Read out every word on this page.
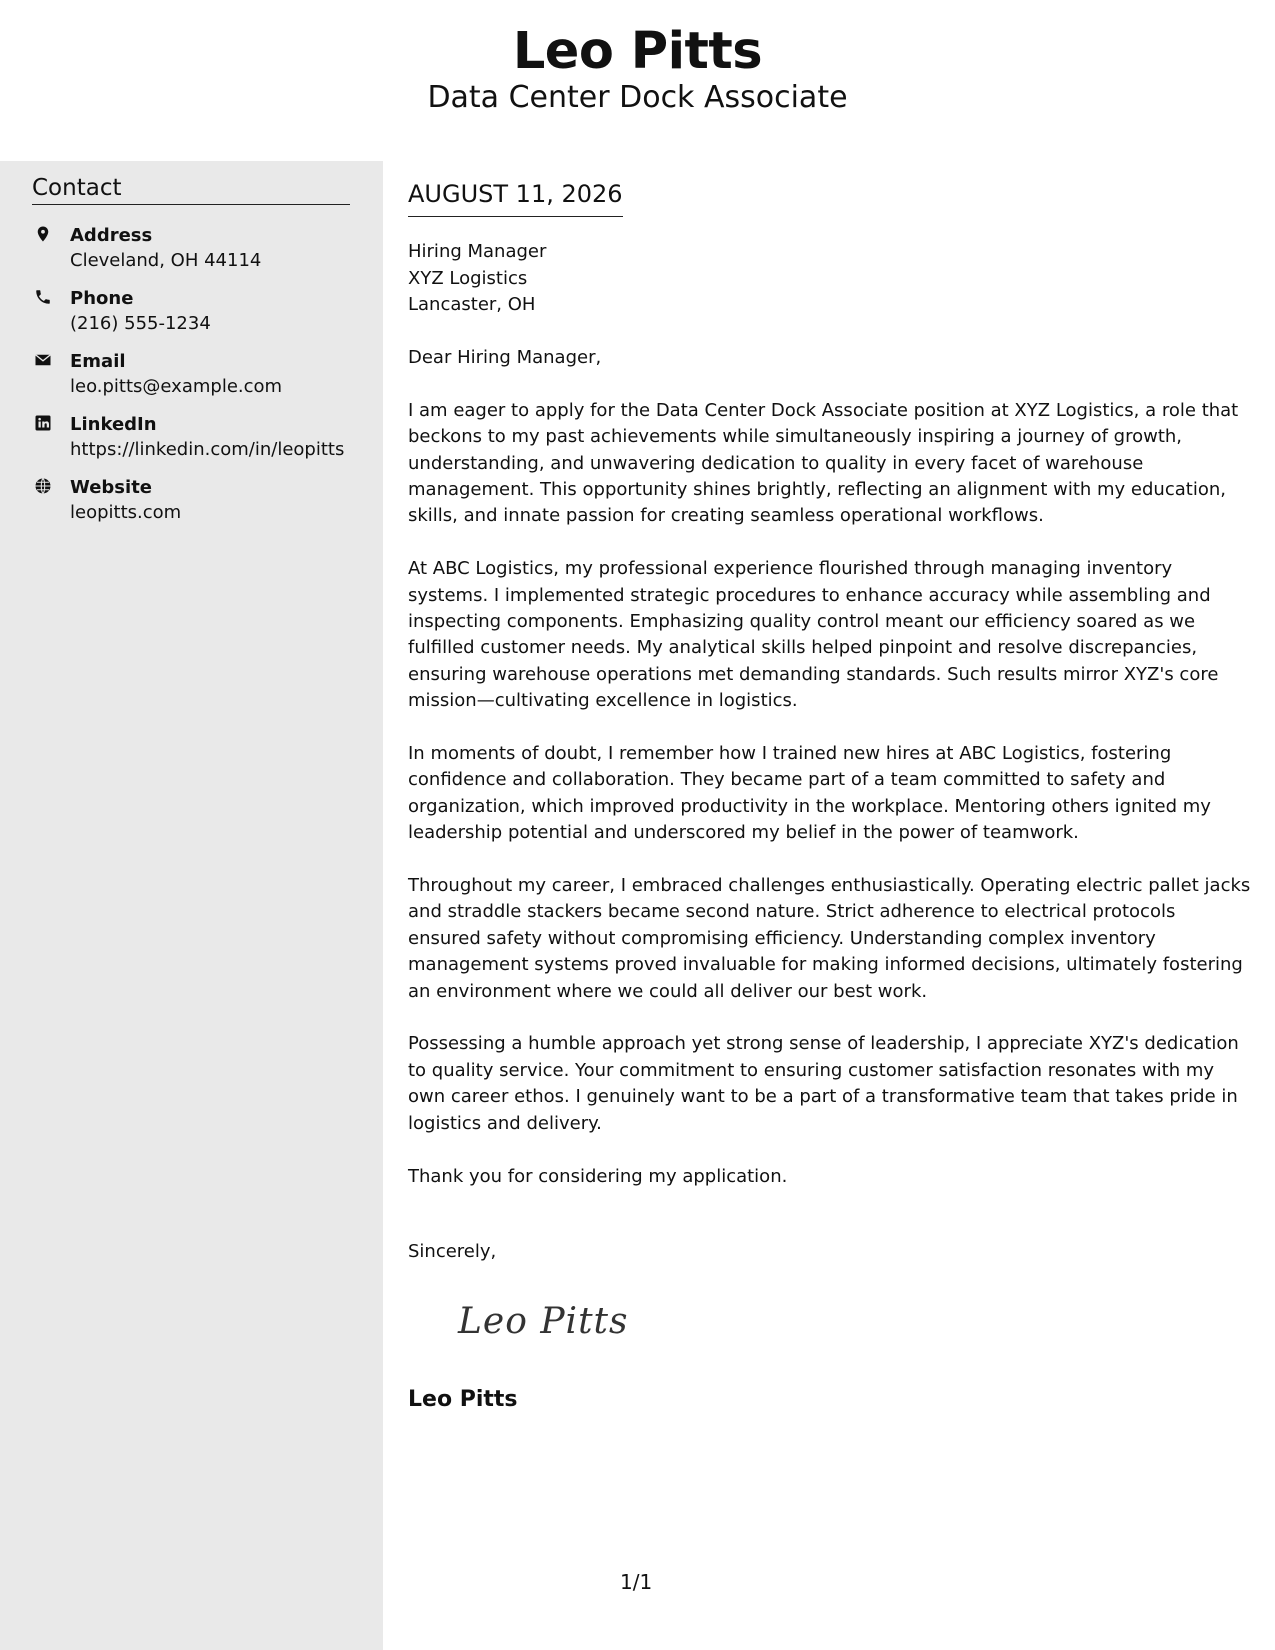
Leo Pitts
Data Center Dock Associate
Contact
Address
Cleveland, OH 44114
Phone
(216) 555-1234
Email
leo.pitts@example.com
LinkedIn
https://linkedin.com/in/leopitts
Website
leopitts.com
AUGUST 11, 2026
Hiring Manager
XYZ Logistics
Lancaster, OH

Dear Hiring Manager,

I am eager to apply for the Data Center Dock Associate position at XYZ Logistics, a role that beckons to my past achievements while simultaneously inspiring a journey of growth, understanding, and unwavering dedication to quality in every facet of warehouse management. This opportunity shines brightly, reflecting an alignment with my education, skills, and innate passion for creating seamless operational workflows.

At ABC Logistics, my professional experience flourished through managing inventory systems. I implemented strategic procedures to enhance accuracy while assembling and inspecting components. Emphasizing quality control meant our efficiency soared as we fulfilled customer needs. My analytical skills helped pinpoint and resolve discrepancies, ensuring warehouse operations met demanding standards. Such results mirror XYZ's core mission—cultivating excellence in logistics.

In moments of doubt, I remember how I trained new hires at ABC Logistics, fostering confidence and collaboration. They became part of a team committed to safety and organization, which improved productivity in the workplace. Mentoring others ignited my leadership potential and underscored my belief in the power of teamwork.

Throughout my career, I embraced challenges enthusiastically. Operating electric pallet jacks and straddle stackers became second nature. Strict adherence to electrical protocols ensured safety without compromising efficiency. Understanding complex inventory management systems proved invaluable for making informed decisions, ultimately fostering an environment where we could all deliver our best work.

Possessing a humble approach yet strong sense of leadership, I appreciate XYZ's dedication to quality service. Your commitment to ensuring customer satisfaction resonates with my own career ethos. I genuinely want to be a part of a transformative team that takes pride in logistics and delivery.

Thank you for considering my application.

Sincerely,
Leo Pitts
Leo Pitts
1/1
